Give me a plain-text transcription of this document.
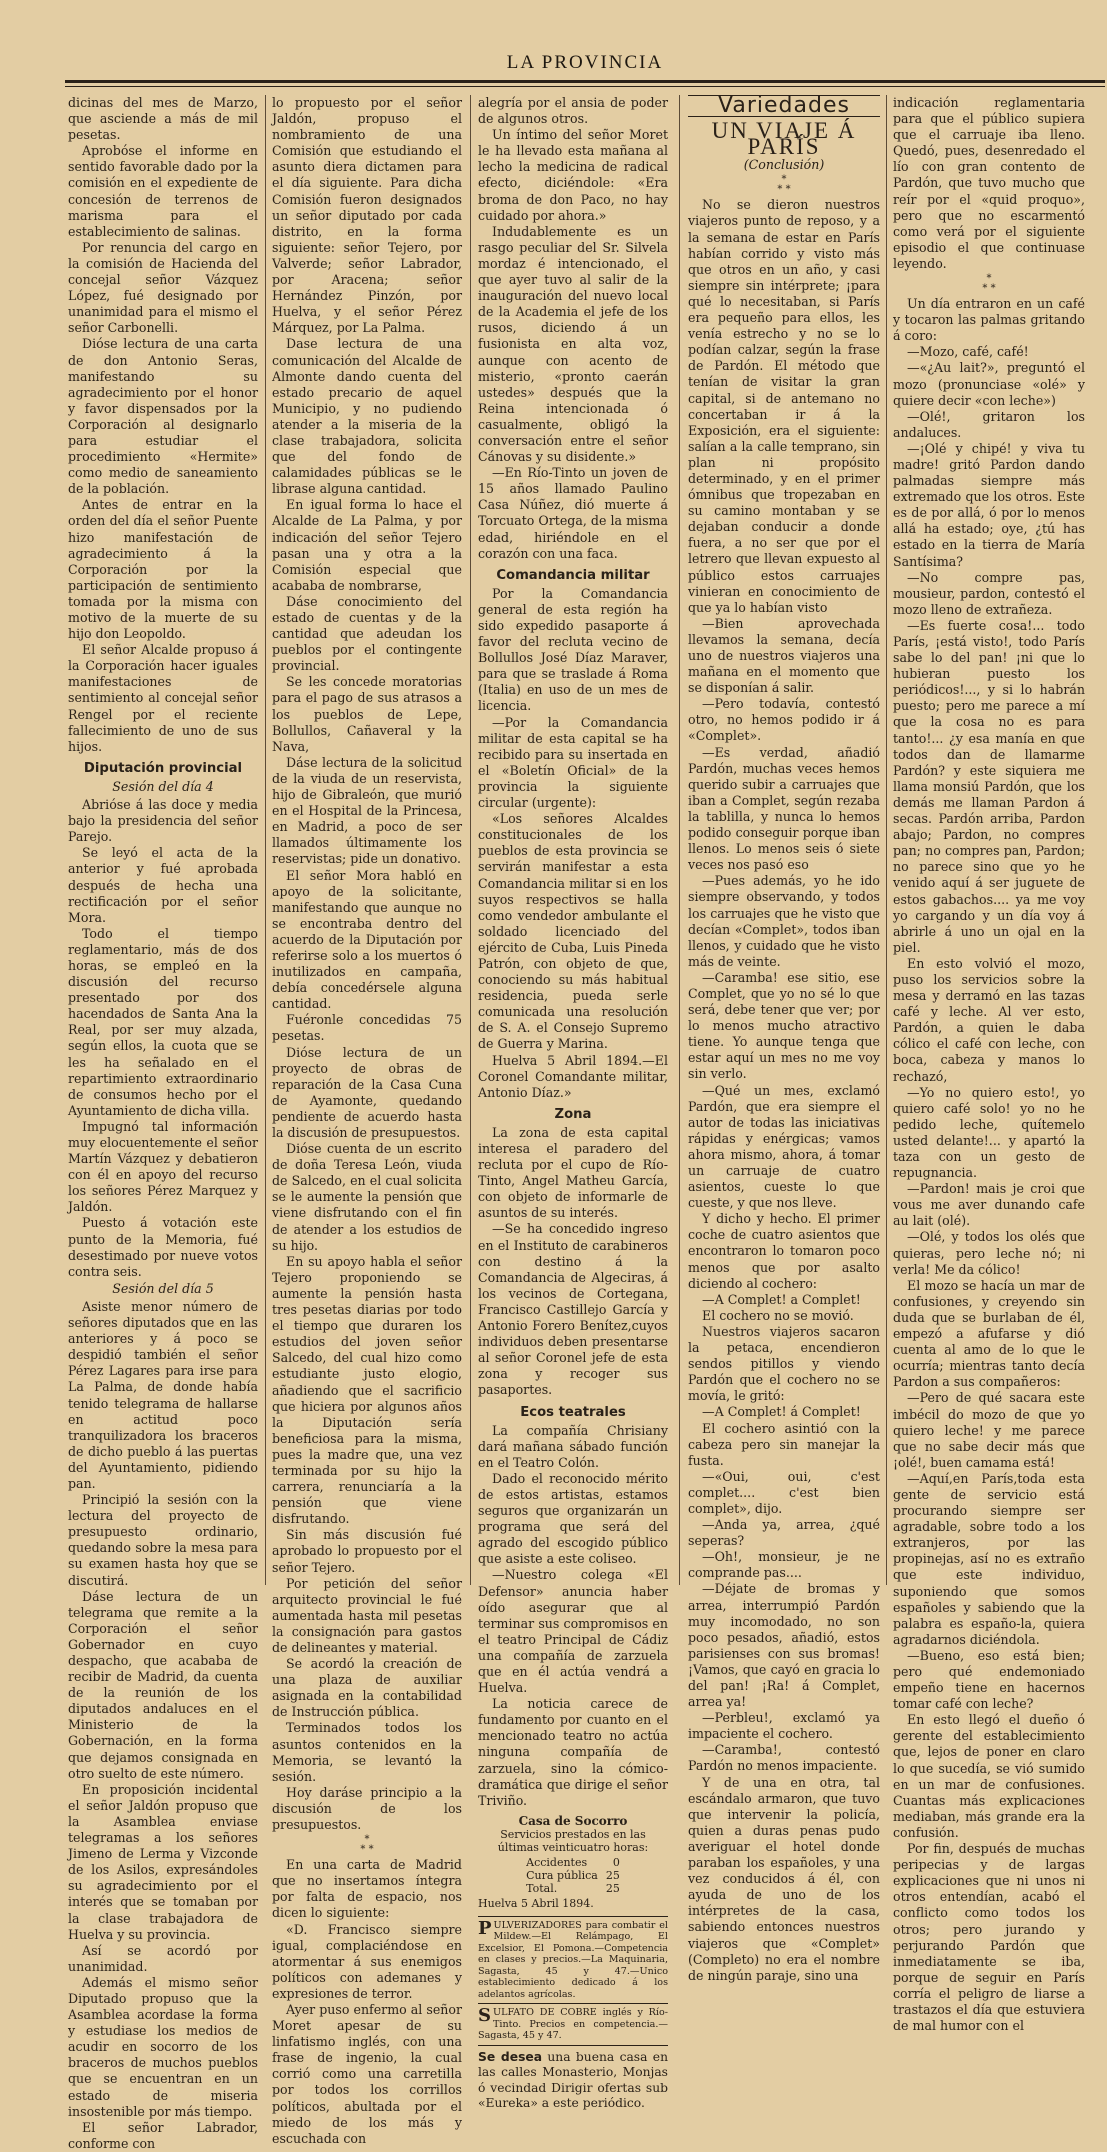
LA PROVINCIA

dicinas del mes de Marzo, que asciende a más de mil pesetas.

Aprobóse el informe en sentido favorable dado por la comisión en el expediente de concesión de terrenos de marisma para el establecimiento de salinas.

Por renuncia del cargo en la comisión de Hacienda del concejal señor Vázquez López, fué designado por unanimidad para el mismo el señor Carbonelli.

Dióse lectura de una carta de don Antonio Seras, manifestando su agradecimiento por el honor y favor dispensados por la Corporación al designarlo para estudiar el procedimiento «Hermite» como medio de saneamiento de la población.

Antes de entrar en la orden del día el señor Puente hizo manifestación de agradecimiento á la Corporación por la participación de sentimiento tomada por la misma con motivo de la muerte de su hijo don Leopoldo.

El señor Alcalde propuso á la Corporación hacer iguales manifestaciones de sentimiento al concejal señor Rengel por el reciente fallecimiento de uno de sus hijos.

Diputación provincial
Sesión del día 4

Abrióse á las doce y media bajo la presidencia del señor Parejo.

Se leyó el acta de la anterior y fué aprobada después de hecha una rectificación por el señor Mora.

Todo el tiempo reglamentario, más de dos horas, se empleó en la discusión del recurso presentado por dos hacendados de Santa Ana la Real, por ser muy alzada, según ellos, la cuota que se les ha señalado en el repartimiento extraordinario de consumos hecho por el Ayuntamiento de dicha villa.

Impugnó tal información muy elocuentemente el señor Martín Vázquez y debatieron con él en apoyo del recurso los señores Pérez Marquez y Jaldón.

Puesto á votación este punto de la Memoria, fué desestimado por nueve votos contra seis.

Sesión del día 5

Asiste menor número de señores diputados que en las anteriores y á poco se despidió también el señor Pérez Lagares para irse para La Palma, de donde había tenido telegrama de hallarse en actitud poco tranquilizadora los braceros de dicho pueblo á las puertas del Ayuntamiento, pidiendo pan.

Principió la sesión con la lectura del proyecto de presupuesto ordinario, quedando sobre la mesa para su examen hasta hoy que se discutirá.

Dáse lectura de un telegrama que remite a la Corporación el señor Gobernador en cuyo despacho, que acababa de recibir de Madrid, da cuenta de la reunión de los diputados andaluces en el Ministerio de la Gobernación, en la forma que dejamos consignada en otro suelto de este número.

En proposición incidental el señor Jaldón propuso que la Asamblea enviase telegramas a los señores Jimeno de Lerma y Vizconde de los Asilos, expresándoles su agradecimiento por el interés que se tomaban por la clase trabajadora de Huelva y su provincia.

Así se acordó por unanimidad.

Además el mismo señor Diputado propuso que la Asamblea acordase la forma y estudiase los medios de acudir en socorro de los braceros de muchos pueblos que se encuentran en un estado de miseria insostenible por más tiempo.

El señor Labrador, conforme con

lo propuesto por el señor Jaldón, propuso el nombramiento de una Comisión que estudiando el asunto diera dictamen para el día siguiente. Para dicha Comisión fueron designados un señor diputado por cada distrito, en la forma siguiente: señor Tejero, por Valverde; señor Labrador, por Aracena; señor Hernández Pinzón, por Huelva, y el señor Pérez Márquez, por La Palma.

Dase lectura de una comunicación del Alcalde de Almonte dando cuenta del estado precario de aquel Municipio, y no pudiendo atender a la miseria de la clase trabajadora, solicita que del fondo de calamidades públicas se le librase alguna cantidad.

En igual forma lo hace el Alcalde de La Palma, y por indicación del señor Tejero pasan una y otra a la Comisión especial que acababa de nombrarse,

Dáse conocimiento del estado de cuentas y de la cantidad que adeudan los pueblos por el contingente provincial.

Se les concede moratorias para el pago de sus atrasos a los pueblos de Lepe, Bollullos, Cañaveral y la Nava,

Dáse lectura de la solicitud de la viuda de un reservista, hijo de Gibraleón, que murió en el Hospital de la Princesa, en Madrid, a poco de ser llamados últimamente los reservistas; pide un donativo.

El señor Mora habló en apoyo de la solicitante, manifestando que aunque no se encontraba dentro del acuerdo de la Diputación por referirse solo a los muertos ó inutilizados en campaña, debía concedérsele alguna cantidad.

Fuéronle concedidas 75 pesetas.

Dióse lectura de un proyecto de obras de reparación de la Casa Cuna de Ayamonte, quedando pendiente de acuerdo hasta la discusión de presupuestos.

Dióse cuenta de un escrito de doña Teresa León, viuda de Salcedo, en el cual solicita se le aumente la pensión que viene disfrutando con el fin de atender a los estudios de su hijo.

En su apoyo habla el señor Tejero proponiendo se aumente la pensión hasta tres pesetas diarias por todo el tiempo que duraren los estudios del joven señor Salcedo, del cual hizo como estudiante justo elogio, añadiendo que el sacrificio que hiciera por algunos años la Diputación sería beneficiosa para la misma, pues la madre que, una vez terminada por su hijo la carrera, renunciaría a la pensión que viene disfrutando.

Sin más discusión fué aprobado lo propuesto por el señor Tejero.

Por petición del señor arquitecto provincial le fué aumentada hasta mil pesetas la consignación para gastos de delineantes y material.

Se acordó la creación de una plaza de auxiliar asignada en la contabilidad de Instrucción pública.

Terminados todos los asuntos contenidos en la Memoria, se levantó la sesión.

Hoy daráse principio a la discusión de los presupuestos.

*
* *

En una carta de Madrid que no insertamos íntegra por falta de espacio, nos dicen lo siguiente:

«D. Francisco siempre igual, complaciéndose en atormentar á sus enemigos políticos con ademanes y expresiones de terror.

Ayer puso enfermo al señor Moret apesar de su linfatismo inglés, con una frase de ingenio, la cual corrió como una carretilla por todos los corrillos políticos, abultada por el miedo de los más y escuchada con

alegría por el ansia de poder de algunos otros.

Un íntimo del señor Moret le ha llevado esta mañana al lecho la medicina de radical efecto, diciéndole: «Era broma de don Paco, no hay cuidado por ahora.»

Indudablemente es un rasgo peculiar del Sr. Silvela mordaz é intencionado, el que ayer tuvo al salir de la inauguración del nuevo local de la Academia el jefe de los rusos, diciendo á un fusionista en alta voz, aunque con acento de misterio, «pronto caerán ustedes» después que la Reina intencionada ó casualmente, obligó la conversación entre el señor Cánovas y su disidente.»

—En Río-Tinto un joven de 15 años llamado Paulino Casa Núñez, dió muerte á Torcuato Ortega, de la misma edad, hiriéndole en el corazón con una faca.

Comandancia militar

Por la Comandancia general de esta región ha sido expedido pasaporte á favor del recluta vecino de Bollullos José Díaz Maraver, para que se traslade á Roma (Italia) en uso de un mes de licencia.

—Por la Comandancia militar de esta capital se ha recibido para su insertada en el «Boletín Oficial» de la provincia la siguiente circular (urgente):

«Los señores Alcaldes constitucionales de los pueblos de esta provincia se servirán manifestar a esta Comandancia militar si en los suyos respectivos se halla como vendedor ambulante el soldado licenciado del ejército de Cuba, Luis Pineda Patrón, con objeto de que, conociendo su más habitual residencia, pueda serle comunicada una resolución de S. A. el Consejo Supremo de Guerra y Marina.

Huelva 5 Abril 1894.—El Coronel Comandante militar, Antonio Díaz.»

Zona

La zona de esta capital interesa el paradero del recluta por el cupo de Río-Tinto, Angel Matheu García, con objeto de informarle de asuntos de su interés.

—Se ha concedido ingreso en el Instituto de carabineros con destino á la Comandancia de Algeciras, á los vecinos de Cortegana, Francisco Castillejo García y Antonio Forero Benítez,cuyos individuos deben presentarse al señor Coronel jefe de esta zona y recoger sus pasaportes.

Ecos teatrales

La compañía Chrisiany dará mañana sábado función en el Teatro Colón.

Dado el reconocido mérito de estos artistas, estamos seguros que organizarán un programa que será del agrado del escogido público que asiste a este coliseo.

—Nuestro colega «El Defensor» anuncia haber oído asegurar que al terminar sus compromisos en el teatro Principal de Cádiz una compañía de zarzuela que en él actúa vendrá a Huelva.

La noticia carece de fundamento por cuanto en el mencionado teatro no actúa ninguna compañía de zarzuela, sino la cómico-dramática que dirige el señor Triviño.

Casa de Socorro
Servicios prestados en las últimas veinticuatro horas:
Accidentes	0
Cura pública	25
Total.	25
Huelva 5 Abril 1894.
P ULVERIZADORES para combatir el Mildew.—El Relámpago, El Excelsior, El Pomona.—Competencia en clases y precios.—La Maquinaria, Sagasta, 45 y 47.—Unico establecimiento dedicado á los adelantos agrícolas.
S ULFATO DE COBRE inglés y Río-Tinto. Precios en competencia.—Sagasta, 45 y 47.
Se desea una buena casa en las calles Monasterio, Monjas ó vecindad Dirigir ofertas sub «Eureka» a este periódico.
Variedades
UN VIAJE Á PARÍS
(Conclusión)
*
* *

No se dieron nuestros viajeros punto de reposo, y a la semana de estar en París habían corrido y visto más que otros en un año, y casi siempre sin intérprete; ¡para qué lo necesitaban, si París era pequeño para ellos, les venía estrecho y no se lo podían calzar, según la frase de Pardón. El método que tenían de visitar la gran capital, si de antemano no concertaban ir á la Exposición, era el siguiente: salían a la calle temprano, sin plan ni propósito determinado, y en el primer ómnibus que tropezaban en su camino montaban y se dejaban conducir a donde fuera, a no ser que por el letrero que llevan expuesto al público estos carruajes vinieran en conocimiento de que ya lo habían visto

—Bien aprovechada llevamos la semana, decía uno de nuestros viajeros una mañana en el momento que se disponían á salir.

—Pero todavía, contestó otro, no hemos podido ir á «Complet».

—Es verdad, añadió Pardón, muchas veces hemos querido subir a carruajes que iban a Complet, según rezaba la tablilla, y nunca lo hemos podido conseguir porque iban llenos. Lo menos seis ó siete veces nos pasó eso

—Pues además, yo he ido siempre observando, y todos los carruajes que he visto que decían «Complet», todos iban llenos, y cuidado que he visto más de veinte.

—Caramba! ese sitio, ese Complet, que yo no sé lo que será, debe tener que ver; por lo menos mucho atractivo tiene. Yo aunque tenga que estar aquí un mes no me voy sin verlo.

—Qué un mes, exclamó Pardón, que era siempre el autor de todas las iniciativas rápidas y enérgicas; vamos ahora mismo, ahora, á tomar un carruaje de cuatro asientos, cueste lo que cueste, y que nos lleve.

Y dicho y hecho. El primer coche de cuatro asientos que encontraron lo tomaron poco menos que por asalto diciendo al cochero:

—A Complet! a Complet!

El cochero no se movió.

Nuestros viajeros sacaron la petaca, encendieron sendos pitillos y viendo Pardón que el cochero no se movía, le gritó:

—A Complet! á Complet!

El cochero asintió con la cabeza pero sin manejar la fusta.

—«Oui, oui, c'est complet.... c'est bien complet», dijo.

—Anda ya, arrea, ¿qué seperas?

—Oh!, monsieur, je ne comprande pas....

—Déjate de bromas y arrea, interrumpió Pardón muy incomodado, no son poco pesados, añadió, estos parisienses con sus bromas! ¡Vamos, que cayó en gracia lo del pan! ¡Ra! á Complet, arrea ya!

—Perbleu!, exclamó ya impaciente el cochero.

—Caramba!, contestó Pardón no menos impaciente.

Y de una en otra, tal escándalo armaron, que tuvo que intervenir la policía, quien a duras penas pudo averiguar el hotel donde paraban los españoles, y una vez conducidos á él, con ayuda de uno de los intérpretes de la casa, sabiendo entonces nuestros viajeros que «Complet» (Completo) no era el nombre de ningún paraje, sino una

indicación reglamentaria para que el público supiera que el carruaje iba lleno. Quedó, pues, desenredado el lío con gran contento de Pardón, que tuvo mucho que reír por el «quid proquo», pero que no escarmentó como verá por el siguiente episodio el que continuase leyendo.

*
* *

Un día entraron en un café y tocaron las palmas gritando á coro:

—Mozo, café, café!

—«¿Au lait?», preguntó el mozo (pronunciase «olé» y quiere decir «con leche»)

—Olé!, gritaron los andaluces.

—¡Olé y chipé! y viva tu madre! gritó Pardon dando palmadas siempre más extremado que los otros. Este es de por allá, ó por lo menos allá ha estado; oye, ¿tú has estado en la tierra de María Santísima?

—No compre pas, mousieur, pardon, contestó el mozo lleno de extrañeza.

—Es fuerte cosa!... todo París, ¡está visto!, todo París sabe lo del pan! ¡ni que lo hubieran puesto los periódicos!..., y si lo habrán puesto; pero me parece a mí que la cosa no es para tanto!... ¿y esa manía en que todos dan de llamarme Pardón? y este siquiera me llama monsiú Pardón, que los demás me llaman Pardon á secas. Pardón arriba, Pardon abajo; Pardon, no compres pan; no compres pan, Pardon; no parece sino que yo he venido aquí á ser juguete de estos gabachos.... ya me voy yo cargando y un día voy á abrirle á uno un ojal en la piel.

En esto volvió el mozo, puso los servicios sobre la mesa y derramó en las tazas café y leche. Al ver esto, Pardón, a quien le daba cólico el café con leche, con boca, cabeza y manos lo rechazó,

—Yo no quiero esto!, yo quiero café solo! yo no he pedido leche, quítemelo usted delante!... y apartó la taza con un gesto de repugnancia.

—Pardon! mais je croi que vous me aver dunando cafe au lait (olé).

—Olé, y todos los olés que quieras, pero leche nó; ni verla! Me da cólico!

El mozo se hacía un mar de confusiones, y creyendo sin duda que se burlaban de él, empezó a afufarse y dió cuenta al amo de lo que le ocurría; mientras tanto decía Pardon a sus compañeros:

—Pero de qué sacara este imbécil do mozo de que yo quiero leche! y me parece que no sabe decir más que ¡olé!, buen camama está!

—Aquí,en París,toda esta gente de servicio está procurando siempre ser agradable, sobre todo a los extranjeros, por las propinejas, así no es extraño que este individuo, suponiendo que somos españoles y sabiendo que la palabra es españo-la, quiera agradarnos diciéndola.

—Bueno, eso está bien; pero qué endemoniado empeño tiene en hacernos tomar café con leche?

En esto llegó el dueño ó gerente del establecimiento que, lejos de poner en claro lo que sucedía, se vió sumido en un mar de confusiones. Cuantas más explicaciones mediaban, más grande era la confusión.

Por fin, después de muchas peripecias y de largas explicaciones que ni unos ni otros entendían, acabó el conflicto como todos los otros; pero jurando y perjurando Pardón que inmediatamente se iba, porque de seguir en París corría el peligro de liarse a trastazos el día que estuviera de mal humor con el
